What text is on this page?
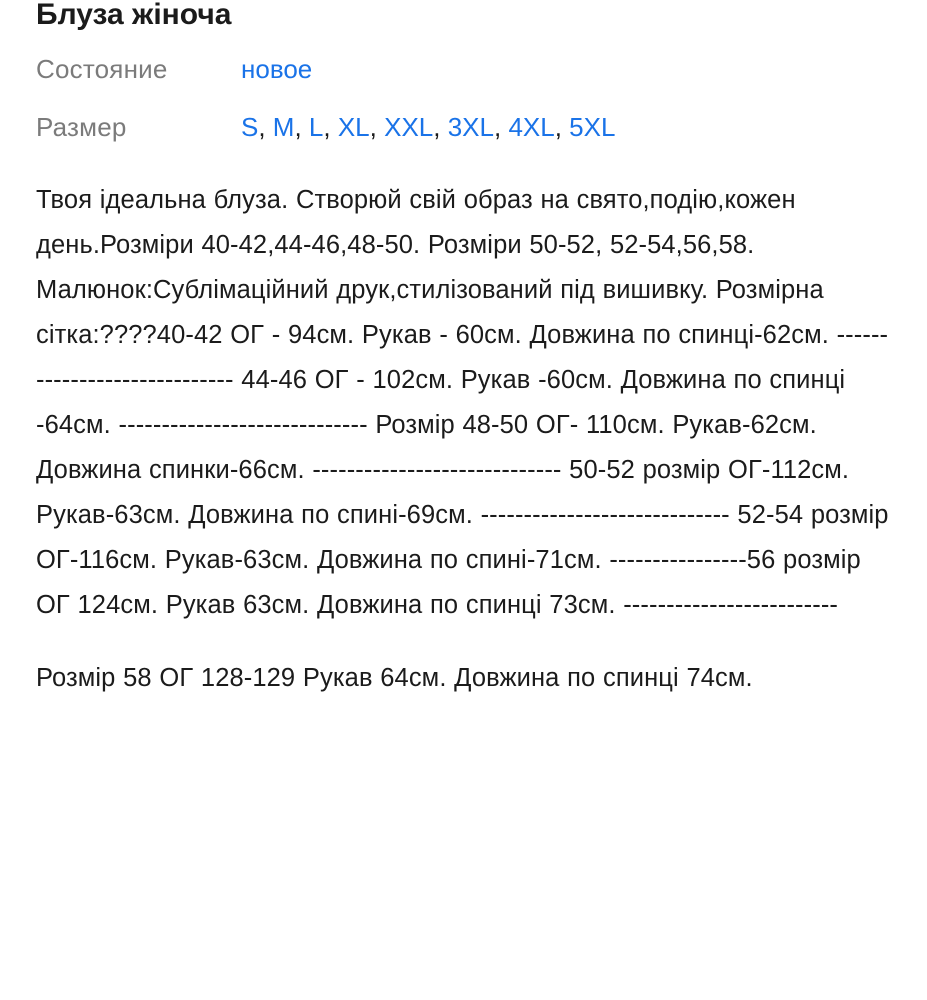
Блуза жіноча
Состояние	новое
Размер	S, M, L, XL, XXL, 3XL, 4XL, 5XL

Твоя ідеальна блуза. Створюй свій образ на свято,подію,кожен день.Розміри 40-42,44-46,48-50. Розміри 50-52, 52-54,56,58. Малюнок:Сублімаційний друк,стилізований під вишивку. Розмірна сітка:????40-42 ОГ - 94см. Рукав - 60см. Довжина по спинці-62см. ----------------------------- 44-46 ОГ - 102см. Рукав -60см. Довжина по спинці -64см. ----------------------------- Розмір 48-50 ОГ- 110см. Рукав-62см. Довжина спинки-66см. ----------------------------- 50-52 розмір ОГ-112см. Рукав-63см. Довжина по спині-69см. ----------------------------- 52-54 розмір ОГ-116см. Рукав-63см. Довжина по спині-71см. ----------------56 розмір ОГ 124см. Рукав 63см. Довжина по спинці 73см. -------------------------

Розмір 58 ОГ 128-129 Рукав 64см. Довжина по спинці 74см.
